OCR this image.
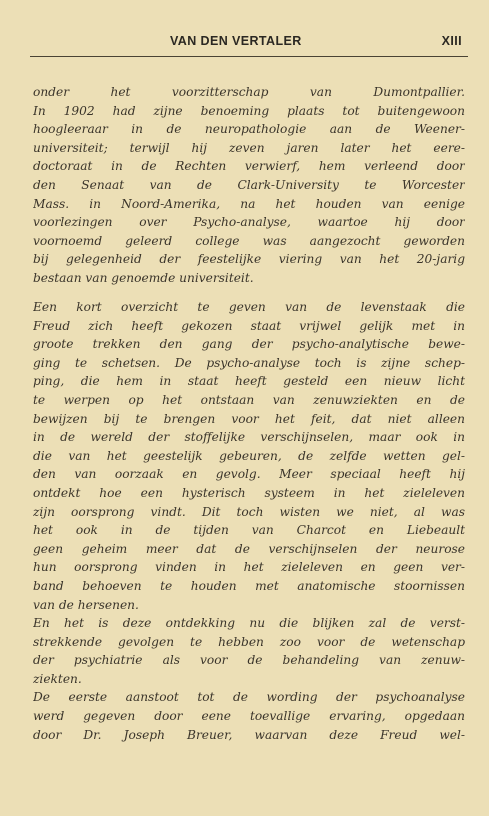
VAN DEN VERTALER	XIII
onder het voorzitterschap van Dumontpallier.
In 1902 had zijne benoeming plaats tot buitengewoon
hoogleeraar in de neuropathologie aan de Weener-
universiteit; terwijl hij zeven jaren later het eere-
doctoraat in de Rechten verwierf, hem verleend door
den Senaat van de Clark-University te Worcester
Mass. in Noord-Amerika, na het houden van eenige
voorlezingen over Psycho-analyse, waartoe hij door
voornoemd geleerd college was aangezocht geworden
bij gelegenheid der feestelijke viering van het 20-jarig
bestaan van genoemde universiteit.
Een kort overzicht te geven van de levenstaak die
Freud zich heeft gekozen staat vrijwel gelijk met in
groote trekken den gang der psycho-analytische bewe-
ging te schetsen. De psycho-analyse toch is zijne schep-
ping, die hem in staat heeft gesteld een nieuw licht
te werpen op het ontstaan van zenuwziekten en de
bewijzen bij te brengen voor het feit, dat niet alleen
in de wereld der stoffelijke verschijnselen, maar ook in
die van het geestelijk gebeuren, de zelfde wetten gel-
den van oorzaak en gevolg. Meer speciaal heeft hij
ontdekt hoe een hysterisch systeem in het zieleleven
zijn oorsprong vindt. Dit toch wisten we niet, al was
het ook in de tijden van Charcot en Liebeault
geen geheim meer dat de verschijnselen der neurose
hun oorsprong vinden in het zieleleven en geen ver-
band behoeven te houden met anatomische stoornissen
van de hersenen.
En het is deze ontdekking nu die blijken zal de verst-
strekkende gevolgen te hebben zoo voor de wetenschap
der psychiatrie als voor de behandeling van zenuw-
ziekten.
De eerste aanstoot tot de wording der psychoanalyse
werd gegeven door eene toevallige ervaring, opgedaan
door Dr. Joseph Breuer, waarvan deze Freud wel-
